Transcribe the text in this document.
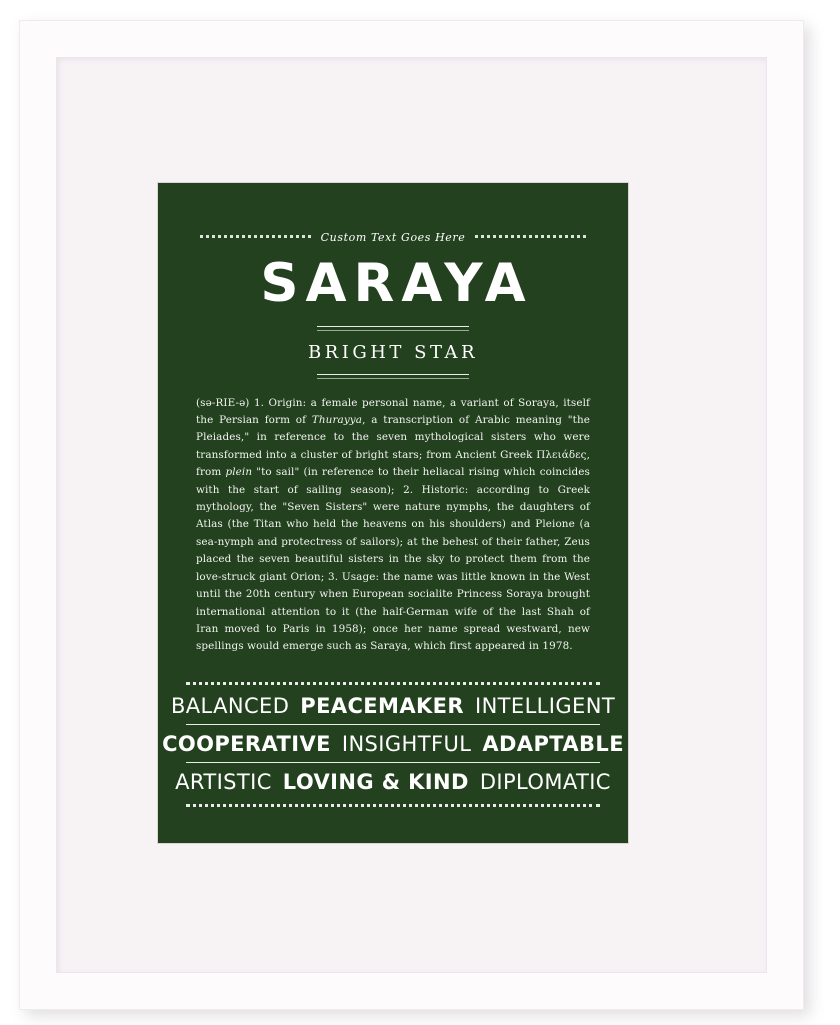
Custom Text Goes Here
SARAYA
BRIGHT STAR
(sə-RIE-ə) 1. Origin: a female personal name, a variant of Soraya, itself the Persian form of Thurayya, a transcription of Arabic meaning "the Pleiades," in reference to the seven mythological sisters who were transformed into a cluster of bright stars; from Ancient Greek Πλειάδες, from plein "to sail" (in reference to their heliacal rising which coincides with the start of sailing season); 2. Historic: according to Greek mythology, the "Seven Sisters" were nature nymphs, the daughters of Atlas (the Titan who held the heavens on his shoulders) and Pleione (a sea-nymph and protectress of sailors); at the behest of their father, Zeus placed the seven beautiful sisters in the sky to protect them from the love-struck giant Orion; 3. Usage: the name was little known in the West until the 20th century when European socialite Princess Soraya brought international attention to it (the half-German wife of the last Shah of Iran moved to Paris in 1958); once her name spread westward, new spellings would emerge such as Saraya, which first appeared in 1978.
BALANCED PEACEMAKER INTELLIGENT
COOPERATIVE INSIGHTFUL ADAPTABLE
ARTISTIC LOVING & KIND DIPLOMATIC
